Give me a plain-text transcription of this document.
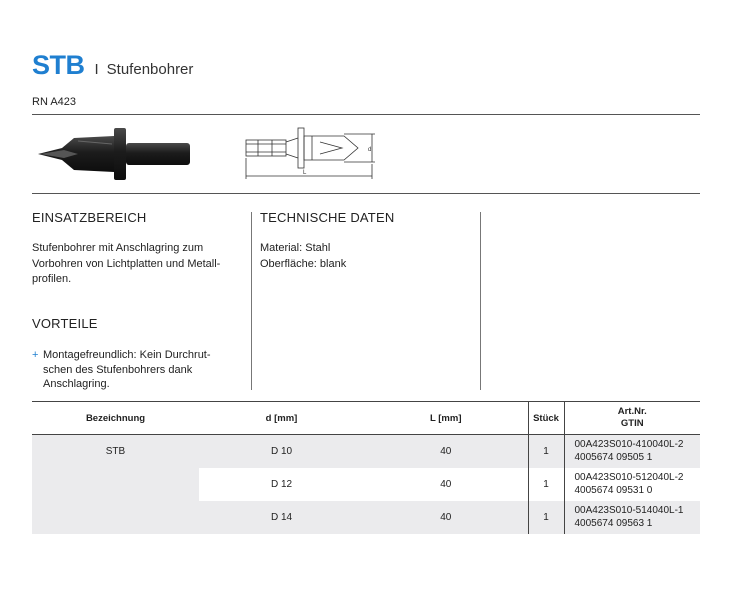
STB I Stufenbohrer
RN A423
d
L
EINSATZBEREICH
Stufenbohrer mit Anschlagring zum
Vorbohren von Lichtplatten und Metall-
profilen.
TECHNISCHE DATEN
Material: Stahl
Oberfläche: blank
VORTEILE
+ Montagefreundlich: Kein Durchrut-
schen des Stufenbohrers dank
Anschlagring.
Bezeichnung	d [mm]	L [mm]	Stück	Art.Nr.
GTIN

STB	D 10	40	1	00A423S010-410040L-2
4005674 09505 1

	D 12	40	1	00A423S010-512040L-2
4005674 09531 0

	D 14	40	1	00A423S010-514040L-1
4005674 09563 1
